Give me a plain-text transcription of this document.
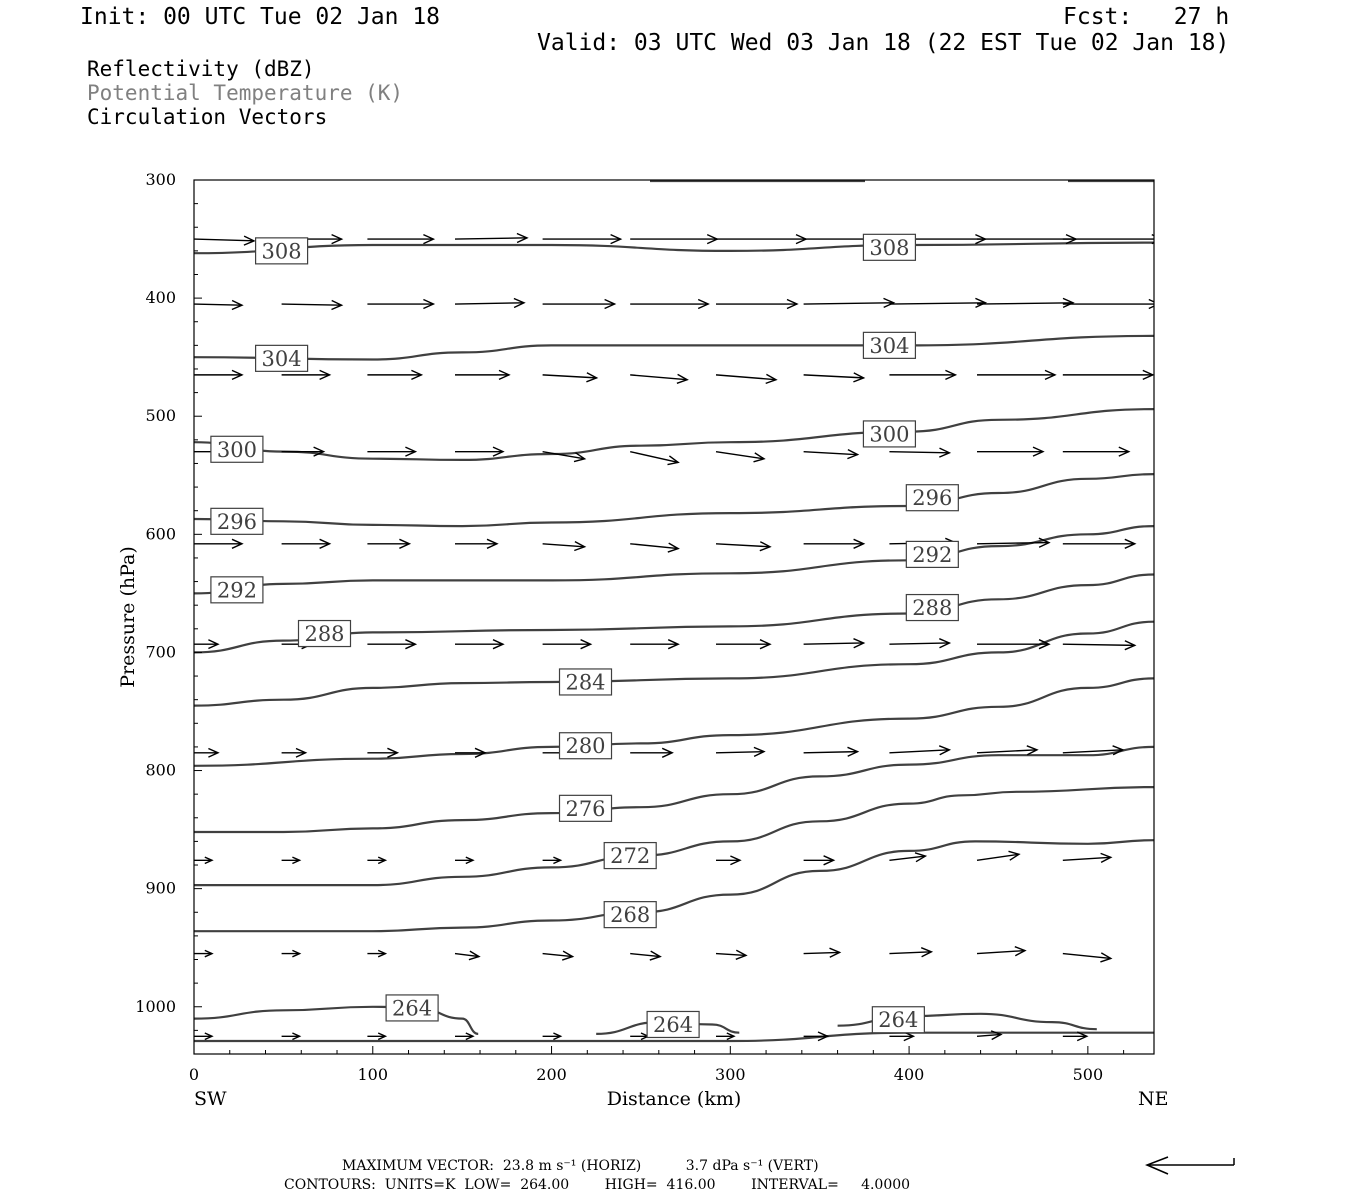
Init: 00 UTC Tue 02 Jan 18	Fcst:   27 h
Valid: 03 UTC Wed 03 Jan 18 (22 EST Tue 02 Jan 18)
Reflectivity (dBZ)
Potential Temperature (K)
Circulation Vectors
308	308
304
304
300
300
296
296
292
292
288
288
284
280
276
272
268
264
264	264
0	100	200	300	400	500
300
400
500
600
700
800
900
1000
Pressure (hPa)
Distance (km)
SW	NE
MAXIMUM VECTOR:  23.8 m s⁻¹ (HORIZ)          3.7 dPa s⁻¹ (VERT)
CONTOURS:  UNITS=K  LOW=  264.00        HIGH=  416.00        INTERVAL=     4.0000
